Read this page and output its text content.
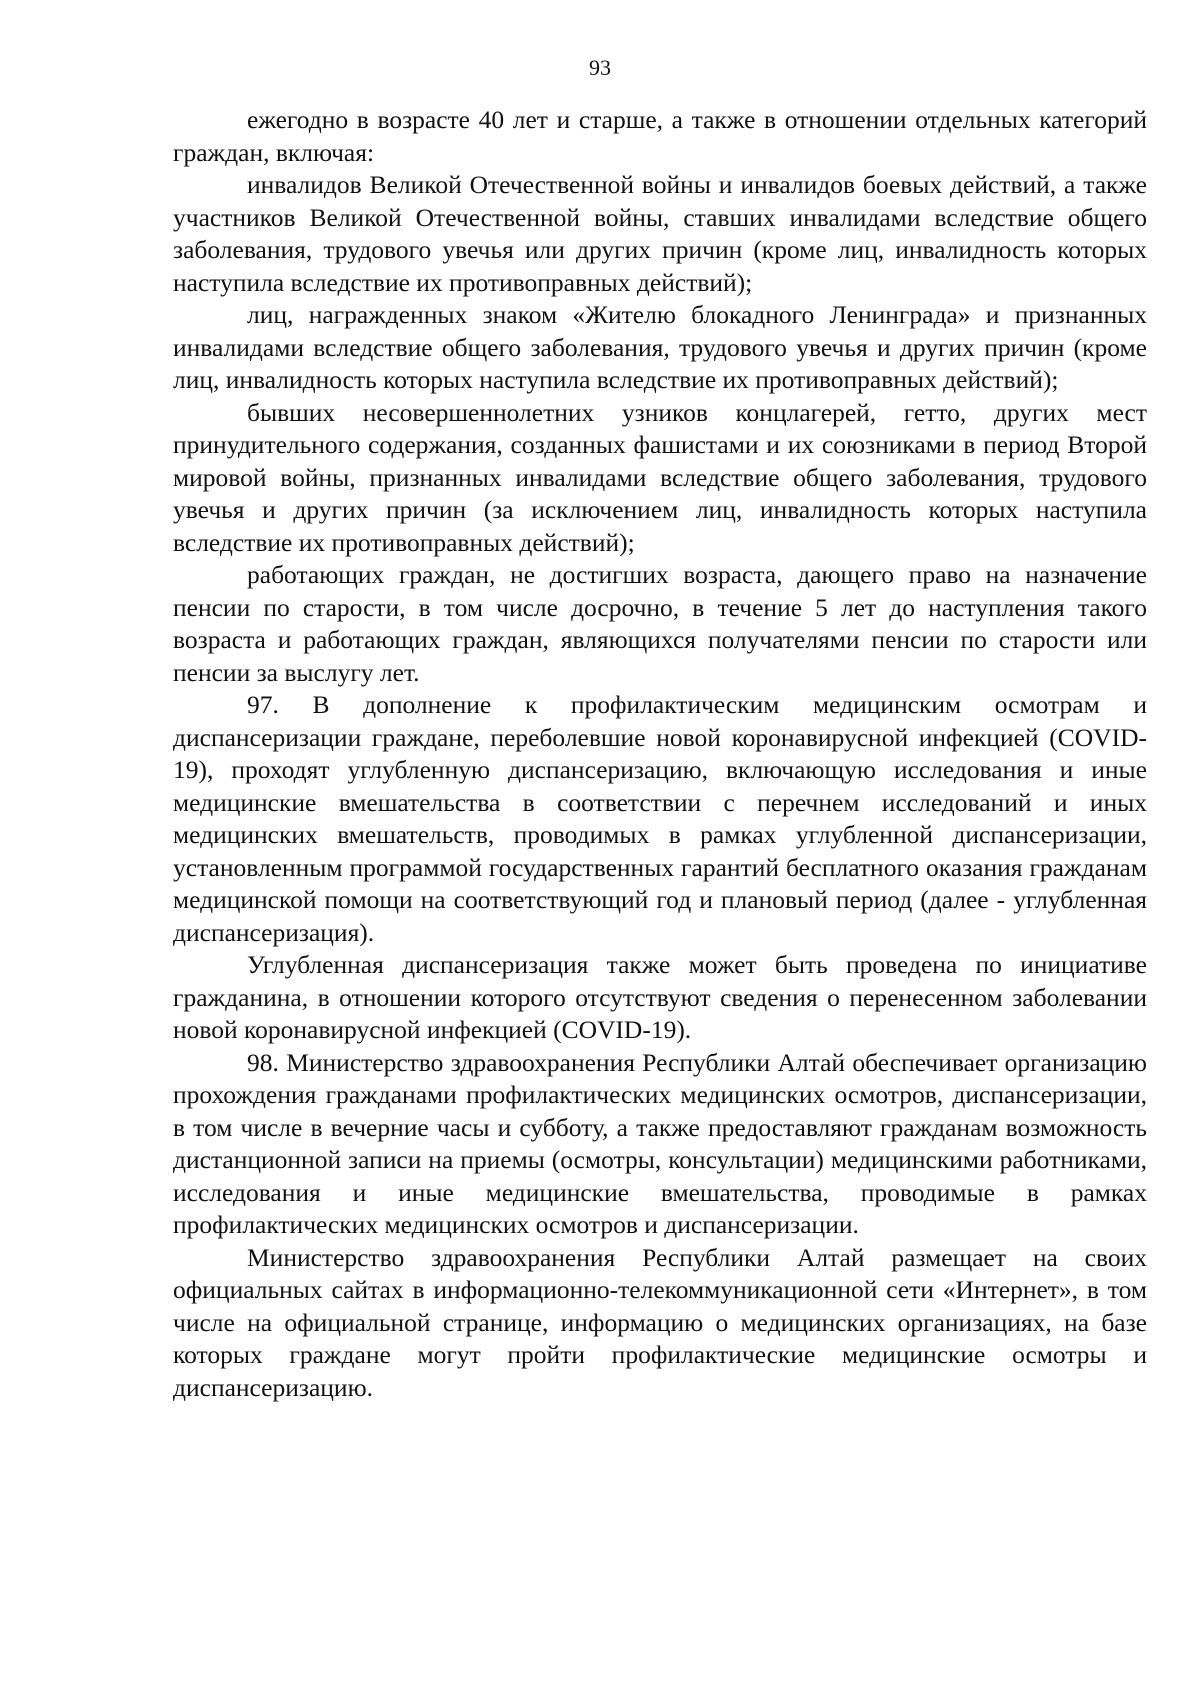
93

ежегодно в возрасте 40 лет и старше, а также в отношении отдельных категорий граждан, включая:

инвалидов Великой Отечественной войны и инвалидов боевых действий, а также участников Великой Отечественной войны, ставших инвалидами вследствие общего заболевания, трудового увечья или других причин (кроме лиц, инвалидность которых наступила вследствие их противоправных действий);

лиц, награжденных знаком «Жителю блокадного Ленинграда» и признанных инвалидами вследствие общего заболевания, трудового увечья и других причин (кроме лиц, инвалидность которых наступила вследствие их противоправных действий);

бывших несовершеннолетних узников концлагерей, гетто, других мест принудительного содержания, созданных фашистами и их союзниками в период Второй мировой войны, признанных инвалидами вследствие общего заболевания, трудового увечья и других причин (за исключением лиц, инвалидность которых наступила вследствие их противоправных действий);

работающих граждан, не достигших возраста, дающего право на назначение пенсии по старости, в том числе досрочно, в течение 5 лет до наступления такого возраста и работающих граждан, являющихся получателями пенсии по старости или пенсии за выслугу лет.

97. В дополнение к профилактическим медицинским осмотрам и диспансеризации граждане, переболевшие новой коронавирусной инфекцией (COVID-19), проходят углубленную диспансеризацию, включающую исследования и иные медицинские вмешательства в соответствии с перечнем исследований и иных медицинских вмешательств, проводимых в рамках углубленной диспансеризации, установленным программой государственных гарантий бесплатного оказания гражданам медицинской помощи на соответствующий год и плановый период (далее - углубленная диспансеризация).

Углубленная диспансеризация также может быть проведена по инициативе гражданина, в отношении которого отсутствуют сведения о перенесенном заболевании новой коронавирусной инфекцией (COVID-19).

98. Министерство здравоохранения Республики Алтай обеспечивает организацию прохождения гражданами профилактических медицинских осмотров, диспансеризации, в том числе в вечерние часы и субботу, а также предоставляют гражданам возможность дистанционной записи на приемы (осмотры, консультации) медицинскими работниками, исследования и иные медицинские вмешательства, проводимые в рамках профилактических медицинских осмотров и диспансеризации.

Министерство здравоохранения Республики Алтай размещает на своих официальных сайтах в информационно-телекоммуникационной сети «Интернет», в том числе на официальной странице, информацию о медицинских организациях, на базе которых граждане могут пройти профилактические медицинские осмотры и диспансеризацию.
